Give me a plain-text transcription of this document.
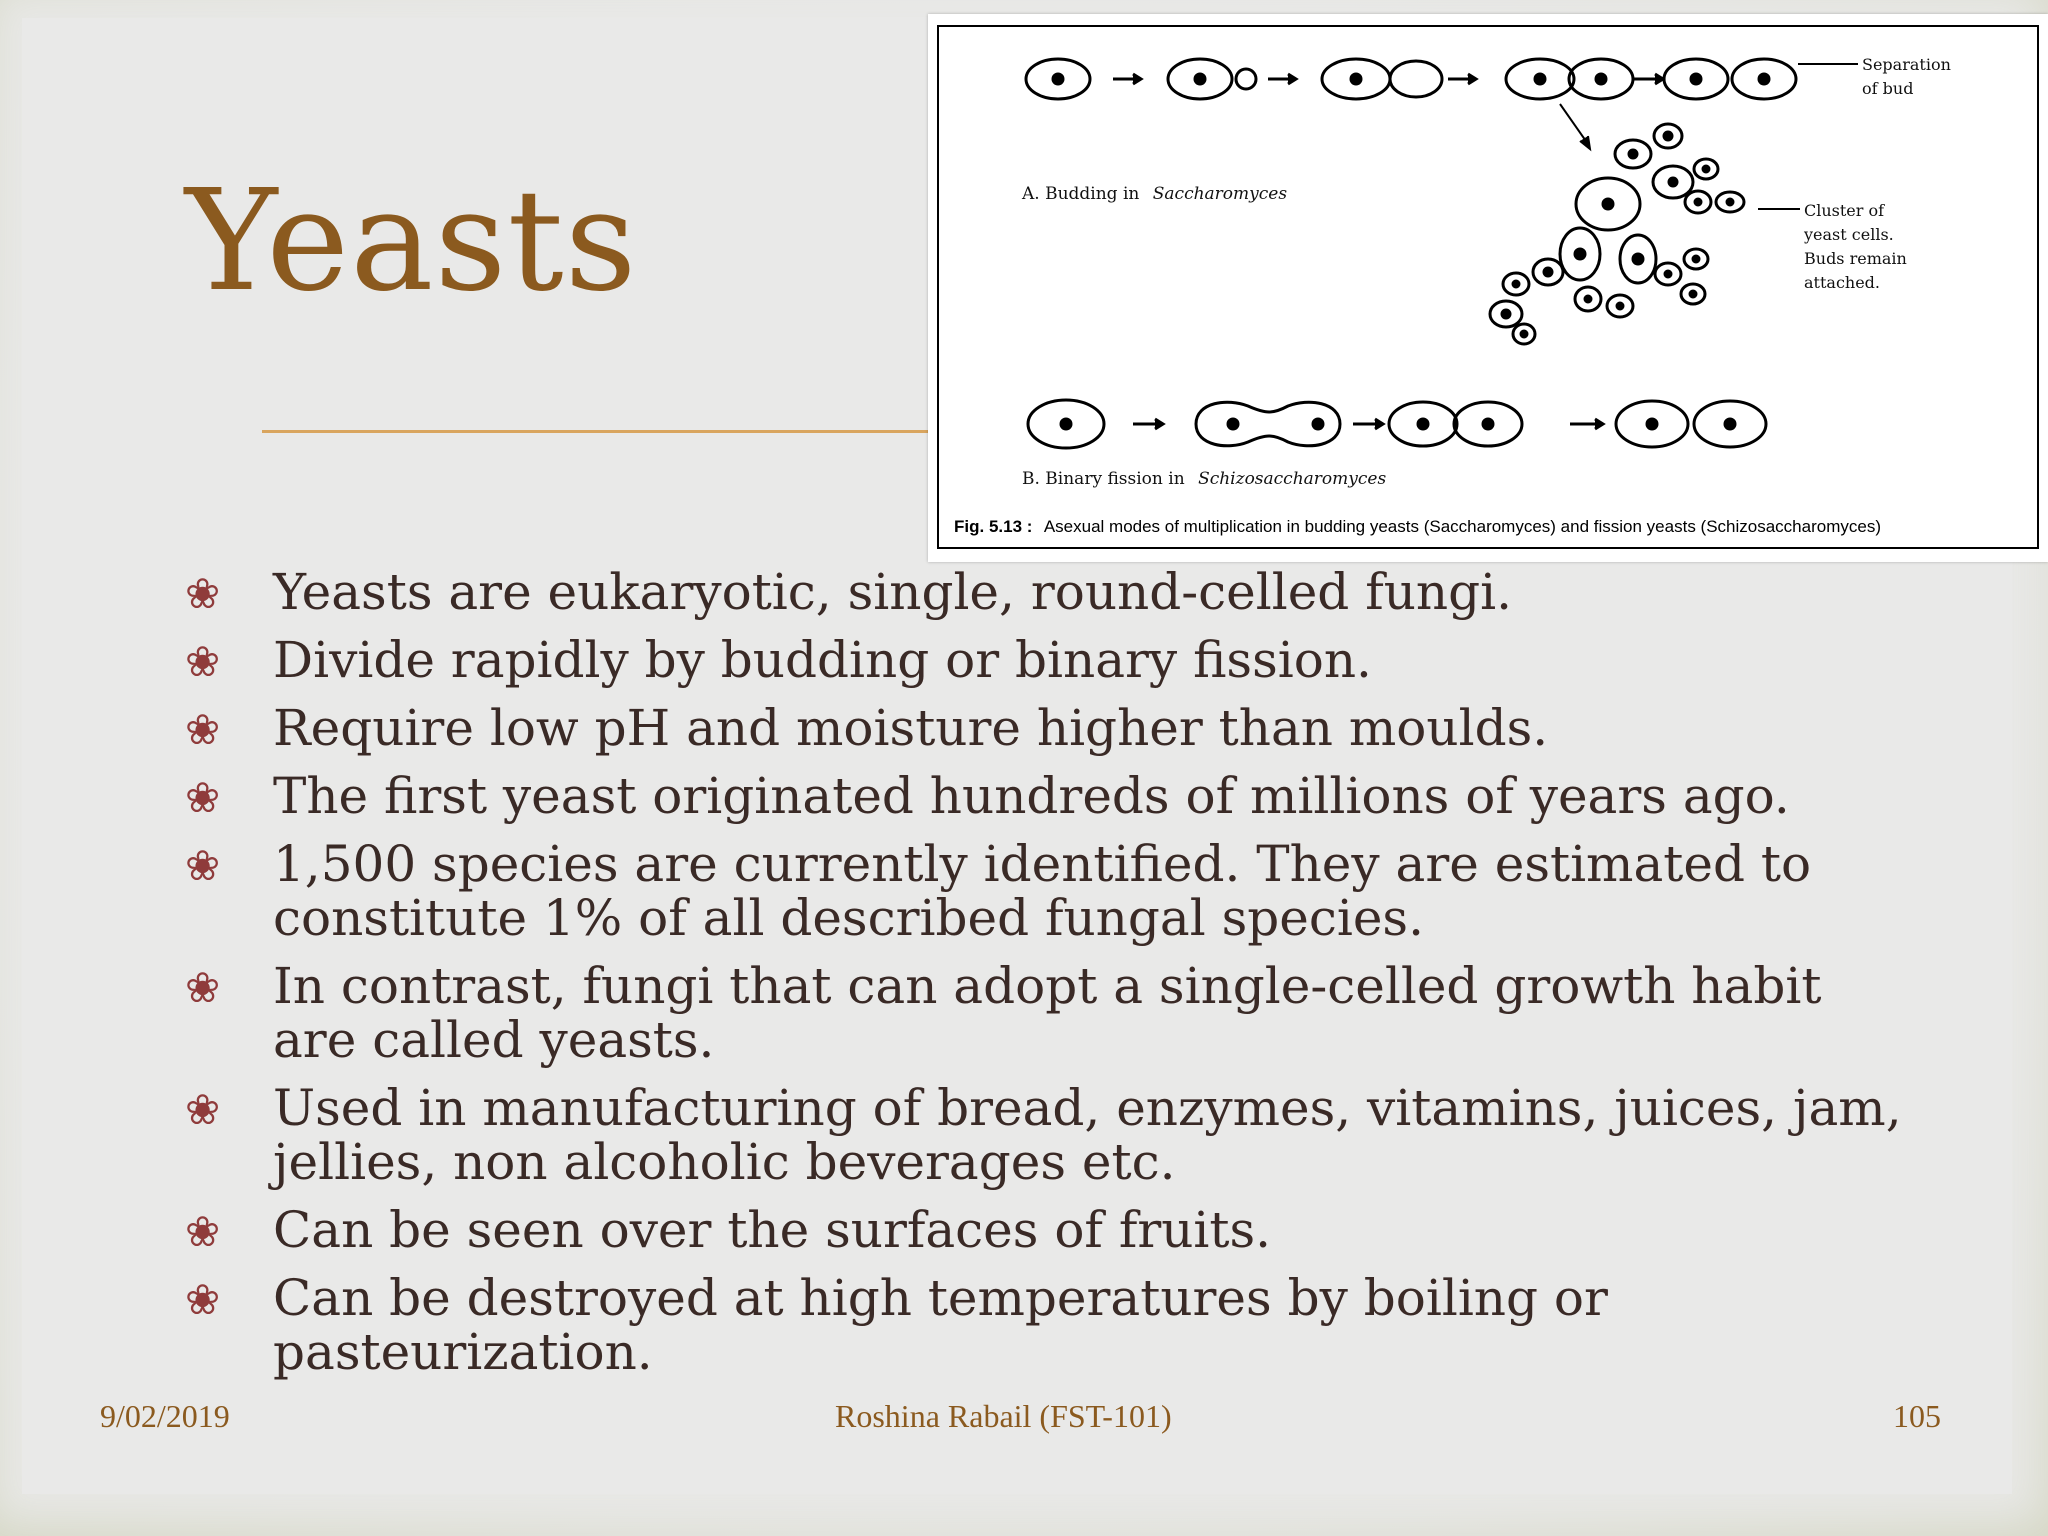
Yeasts	A. Budding in Saccharomyces
B. Binary fission in Schizosaccharomyces
Separation
of bud
Cluster of
yeast cells.
Buds remain
attached.
Fig. 5.13 : Asexual modes of multiplication in budding yeasts (Saccharomyces) and fission yeasts (Schizosaccharomyces)
❀ Yeasts are eukaryotic, single, round-celled fungi.
❀ Divide rapidly by budding or binary fission.
❀ Require low pH and moisture higher than moulds.
❀ The first yeast originated hundreds of millions of years ago.
❀ 1,500 species are currently identified. They are estimated to constitute 1% of all described fungal species.
❀ In contrast, fungi that can adopt a single-celled growth habit are called yeasts.
❀ Used in manufacturing of bread, enzymes, vitamins, juices, jam, jellies, non alcoholic beverages etc.
❀ Can be seen over the surfaces of fruits.
❀ Can be destroyed at high temperatures by boiling or pasteurization.
9/02/2019	Roshina Rabail (FST-101)	105
